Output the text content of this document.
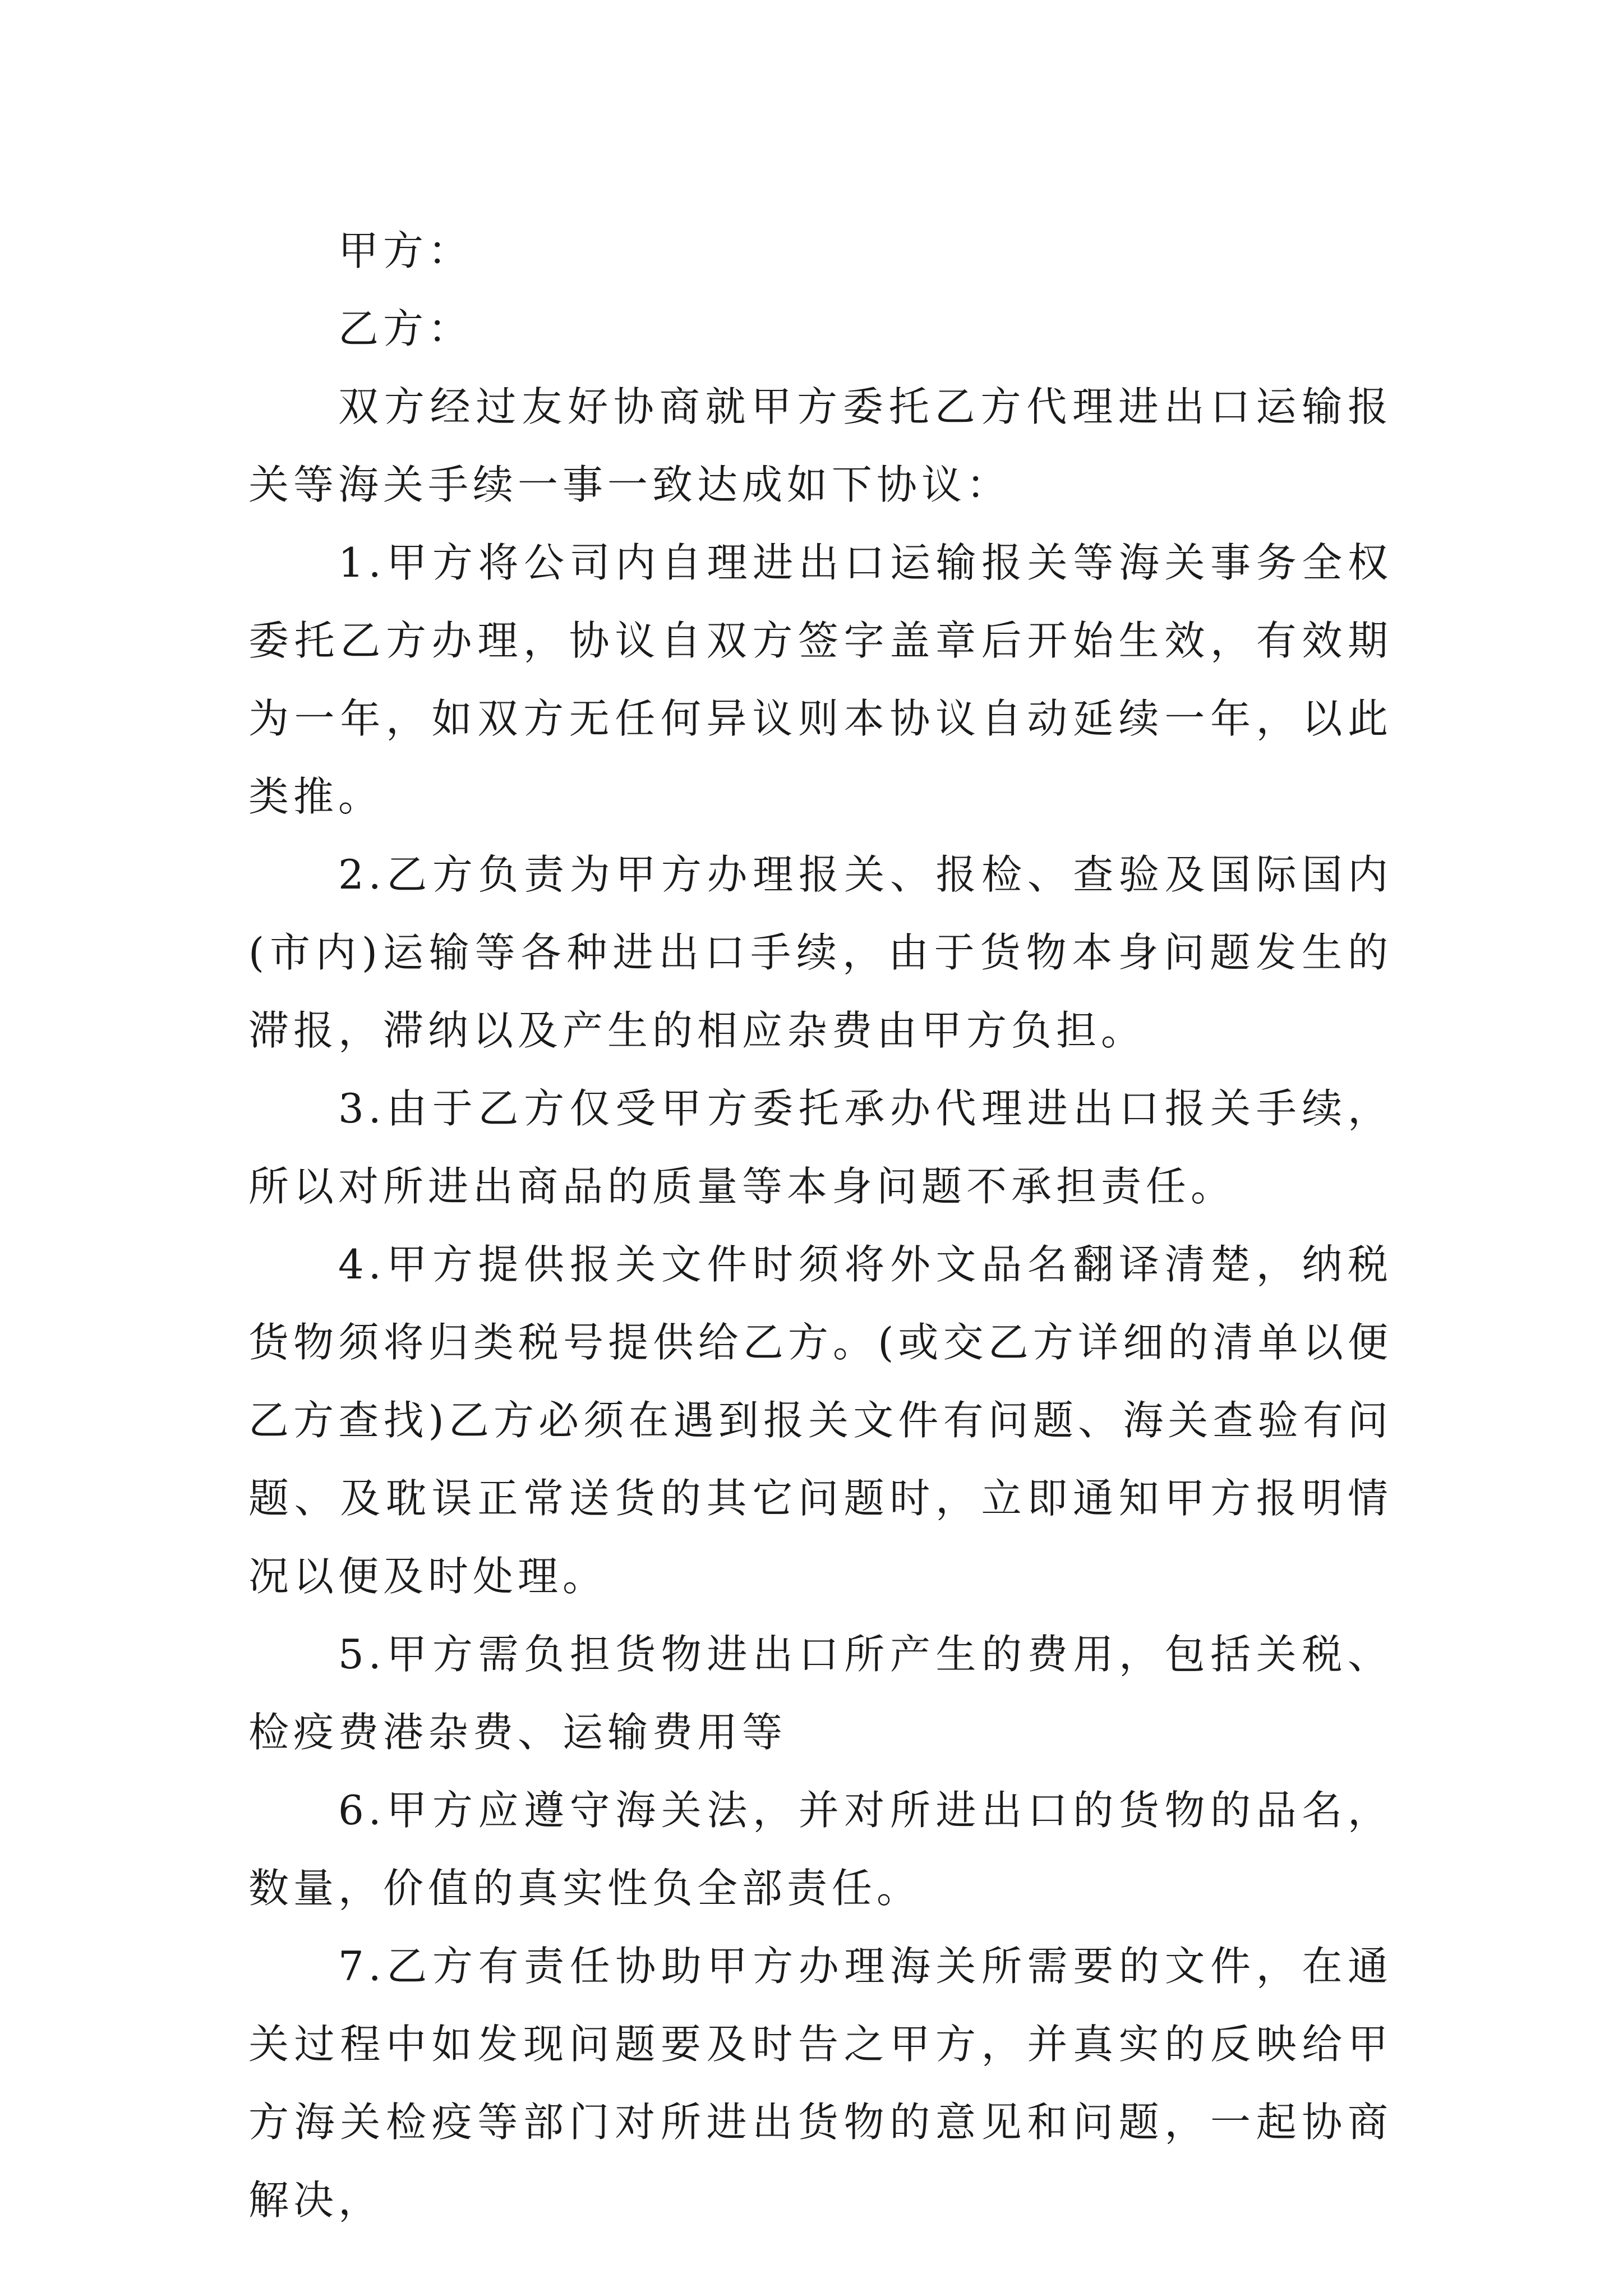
甲方：

乙方：

双方经过友好协商就甲方委托乙方代理进出口运输报关等海关手续一事一致达成如下协议：

1.甲方将公司内自理进出口运输报关等海关事务全权委托乙方办理，协议自双方签字盖章后开始生效，有效期为一年，如双方无任何异议则本协议自动延续一年，以此类推。

2.乙方负责为甲方办理报关、报检、查验及国际国内(市内)运输等各种进出口手续，由于货物本身问题发生的滞报，滞纳以及产生的相应杂费由甲方负担。

3.由于乙方仅受甲方委托承办代理进出口报关手续，所以对所进出商品的质量等本身问题不承担责任。

4.甲方提供报关文件时须将外文品名翻译清楚，纳税货物须将归类税号提供给乙方。(或交乙方详细的清单以便乙方查找)乙方必须在遇到报关文件有问题、海关查验有问题、及耽误正常送货的其它问题时，立即通知甲方报明情况以便及时处理。

5.甲方需负担货物进出口所产生的费用，包括关税、检疫费港杂费、运输费用等

6.甲方应遵守海关法，并对所进出口的货物的品名，数量，价值的真实性负全部责任。

7.乙方有责任协助甲方办理海关所需要的文件，在通关过程中如发现问题要及时告之甲方，并真实的反映给甲方海关检疫等部门对所进出货物的意见和问题，一起协商解决，
